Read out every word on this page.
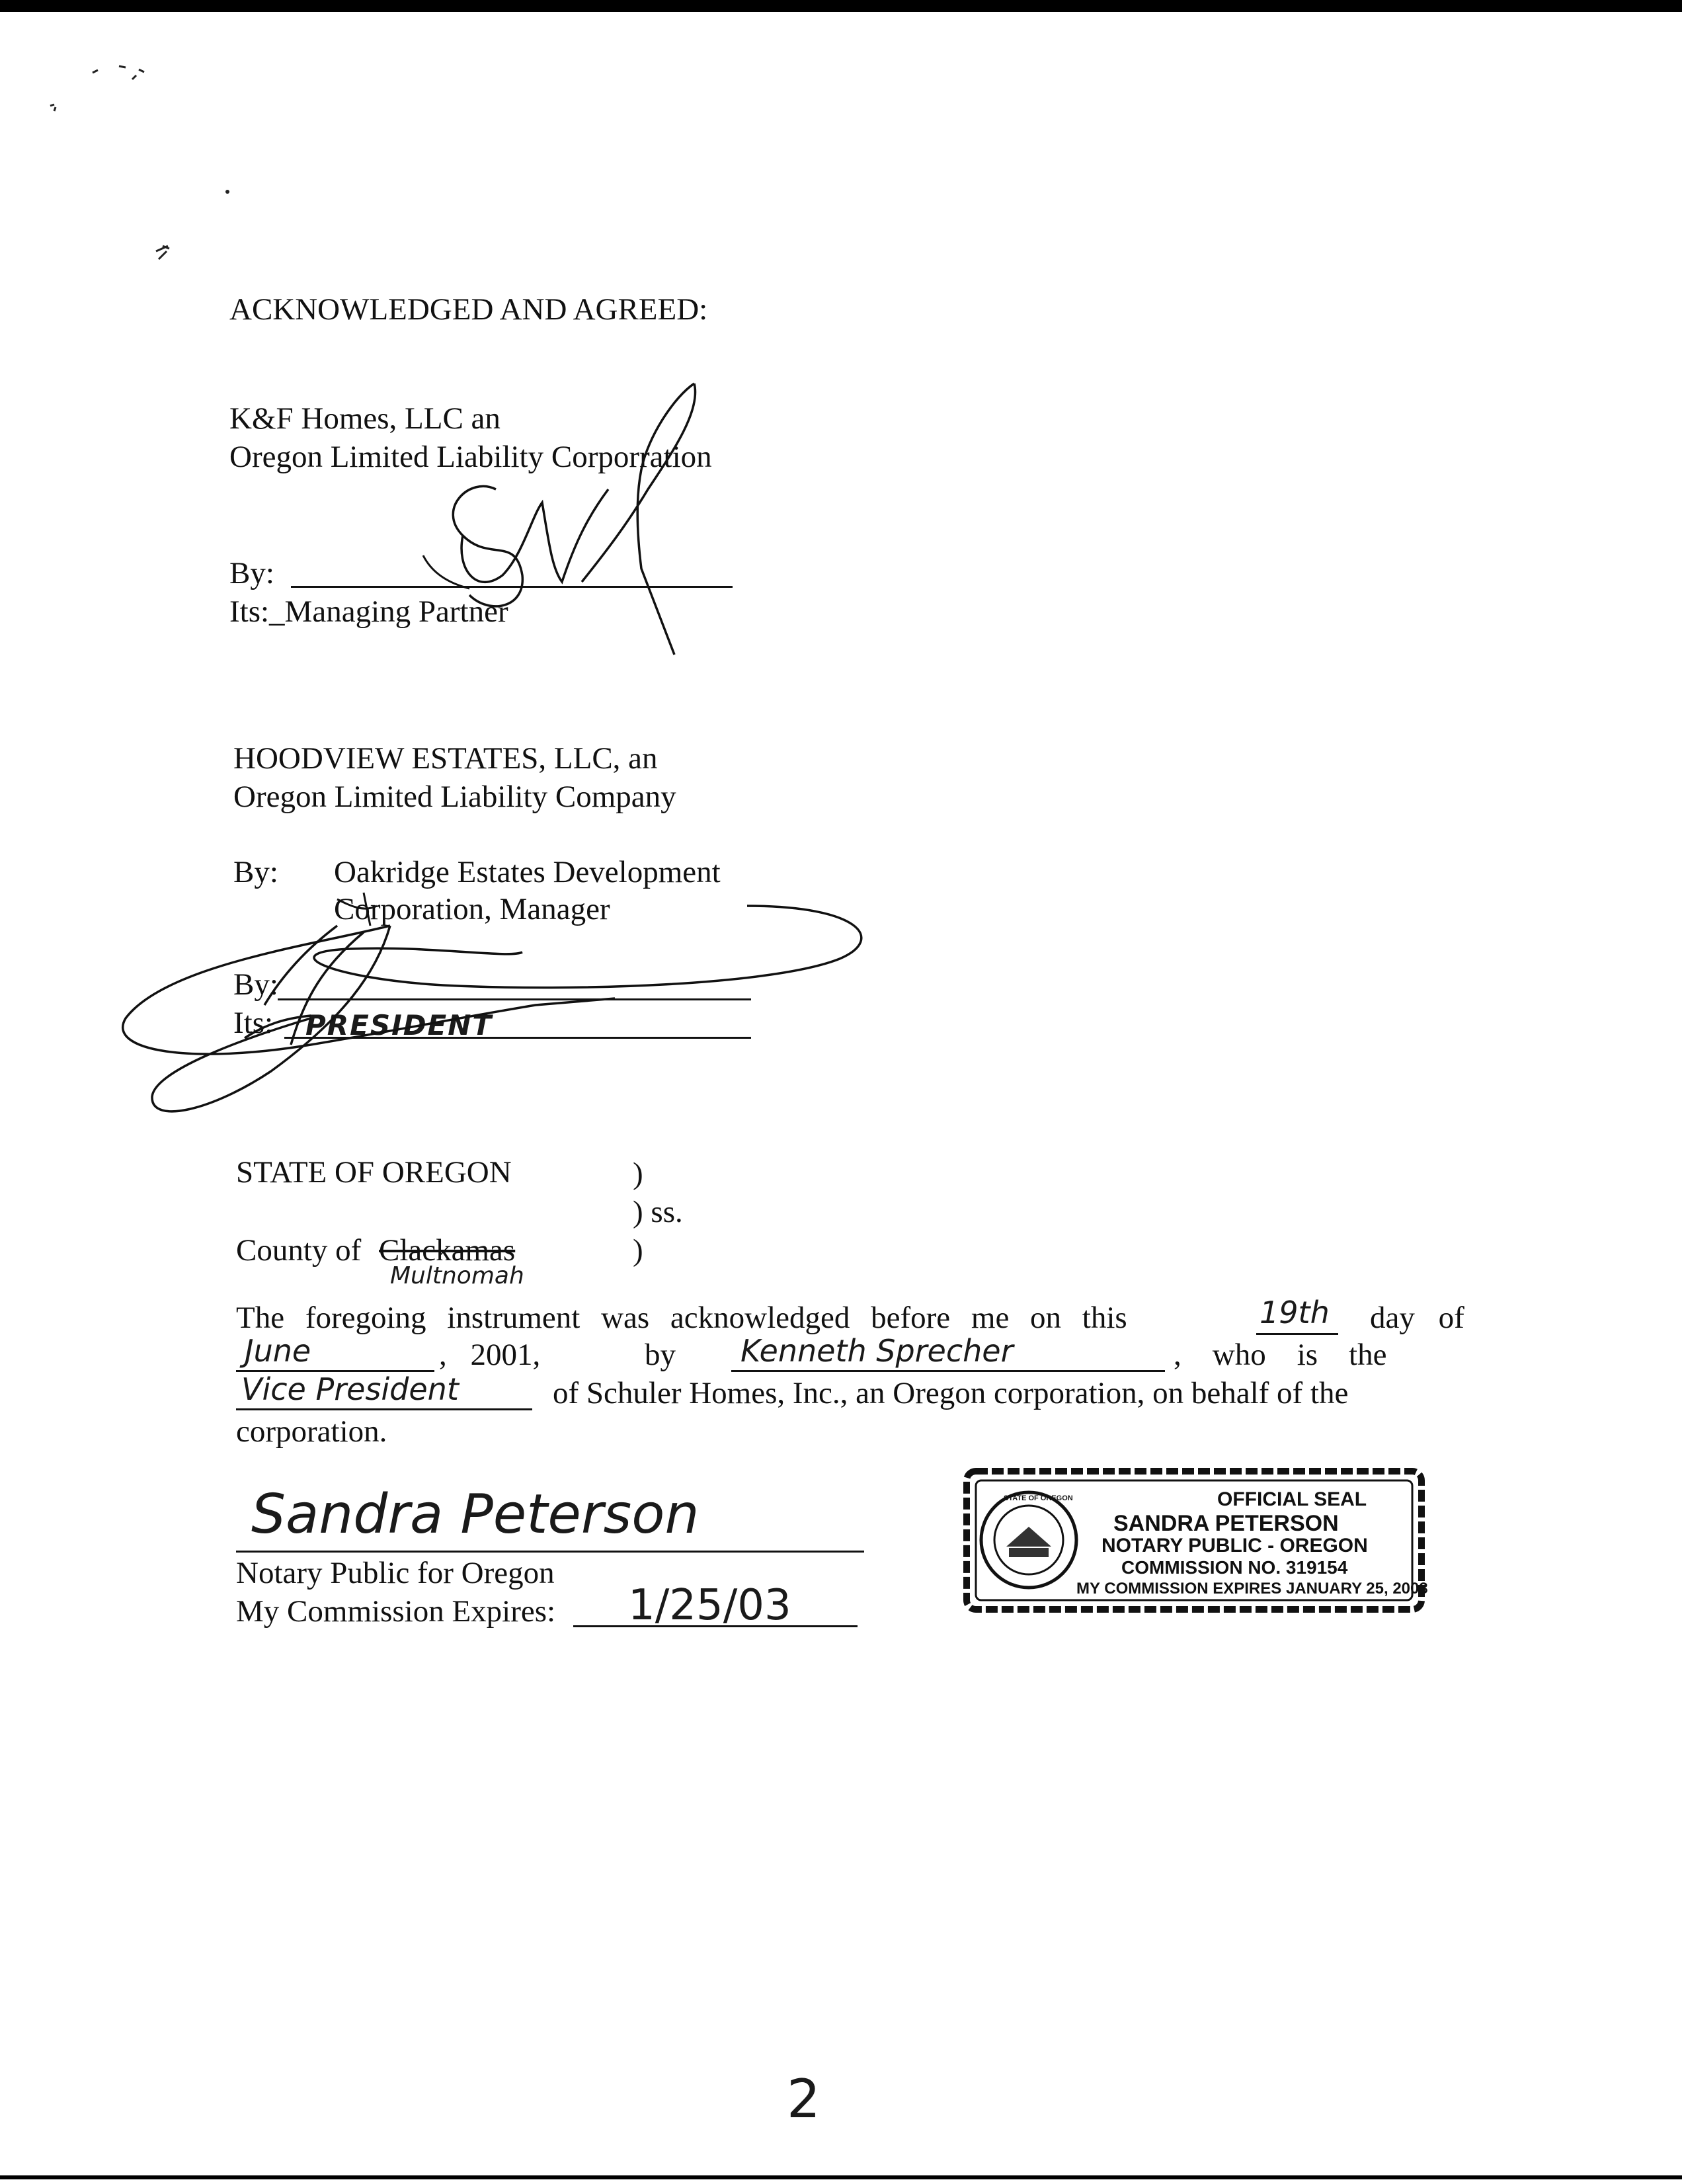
ACKNOWLEDGED AND AGREED:
K&F Homes, LLC an
Oregon Limited Liability Corporration
By:
Its:_Managing Partner
HOODVIEW ESTATES, LLC, an
Oregon Limited Liability Company
By: Oakridge Estates Development
Corporation, Manager
By:
Its: PRESIDENT
STATE OF OREGON	)
) ss.
County of Clackamas	)
Multnomah
The foregoing instrument was acknowledged before me on this	19th day of
June	, 2001,	by Kenneth Sprecher	,    who    is    the
Vice President	of Schuler Homes, Inc., an Oregon corporation, on behalf of the
corporation.
Sandra Peterson
Notary Public for Oregon
My Commission Expires: 1/25/03
STATE OF OREGON	OFFICIAL SEAL
SANDRA PETERSON
NOTARY PUBLIC - OREGON
COMMISSION NO. 319154
MY COMMISSION EXPIRES JANUARY 25, 2003
2
